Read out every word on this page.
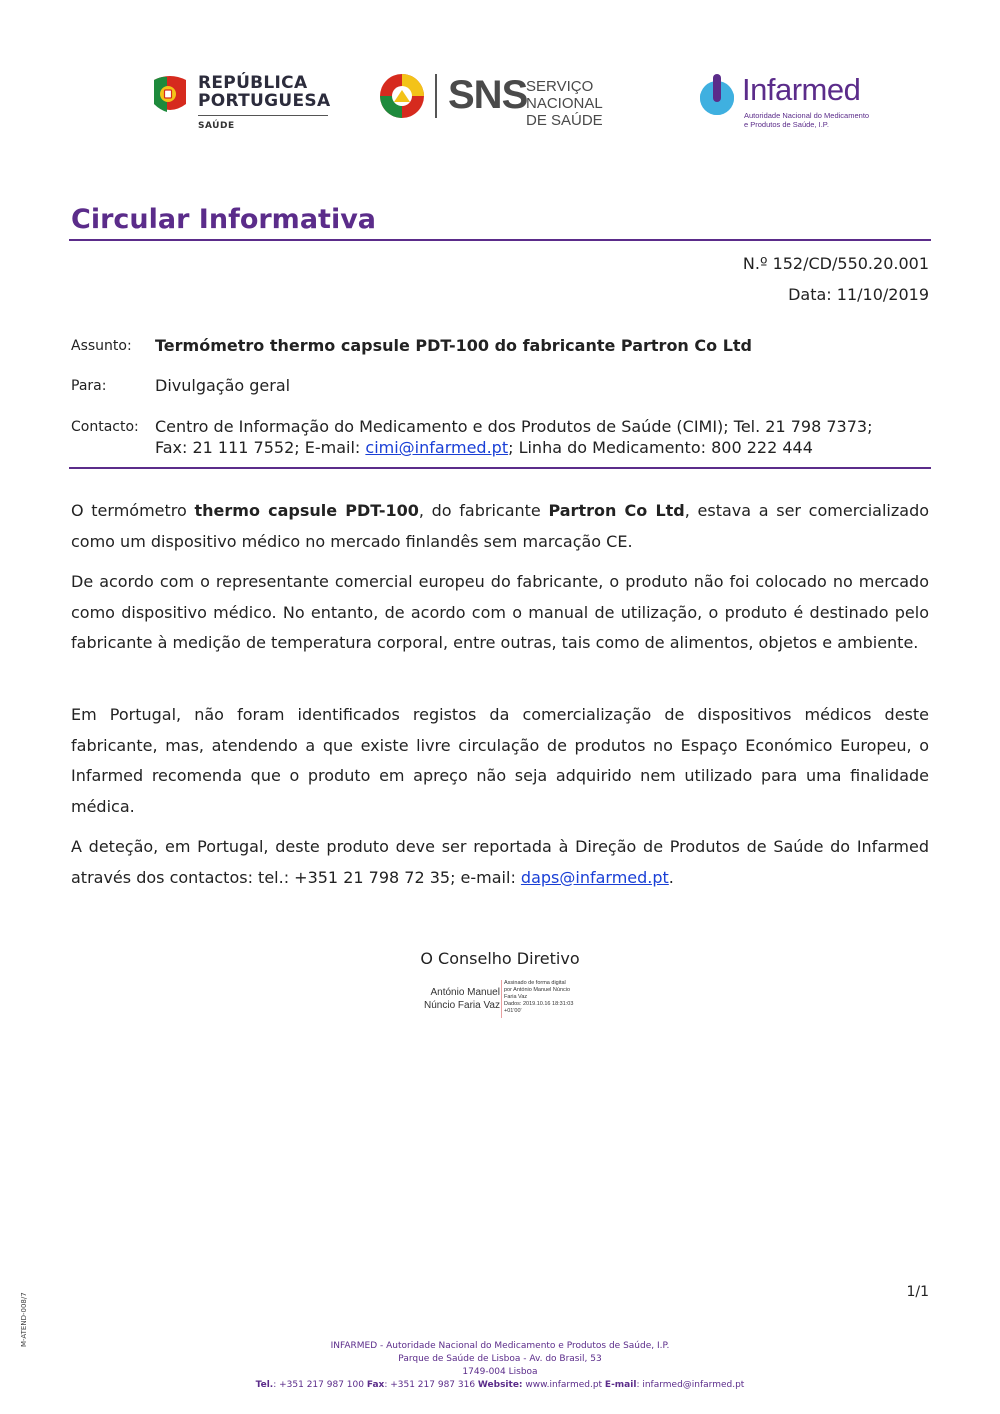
REPÚBLICA
PORTUGUESA
SAÚDE
SNS
SERVIÇO NACIONAL
DE SAÚDE
Infarmed
Autoridade Nacional do Medicamento
e Produtos de Saúde, I.P.
Circular Informativa
N.º 152/CD/550.20.001
Data: 11/10/2019
Assunto: Termómetro thermo capsule PDT-100 do fabricante Partron Co Ltd
Para:	Divulgação geral
Contacto: Centro de Informação do Medicamento e dos Produtos de Saúde (CIMI); Tel. 21 798 7373;
Fax: 21 111 7552; E-mail: cimi@infarmed.pt; Linha do Medicamento: 800 222 444

O termómetro thermo capsule PDT-100, do fabricante Partron Co Ltd, estava a ser comercializado como um dispositivo médico no mercado finlandês sem marcação CE.

De acordo com o representante comercial europeu do fabricante, o produto não foi colocado no mercado como dispositivo médico. No entanto, de acordo com o manual de utilização, o produto é destinado pelo fabricante à medição de temperatura corporal, entre outras, tais como de alimentos, objetos e ambiente.

Em Portugal, não foram identificados registos da comercialização de dispositivos médicos deste fabricante, mas, atendendo a que existe livre circulação de produtos no Espaço Económico Europeu, o Infarmed recomenda que o produto em apreço não seja adquirido nem utilizado para uma finalidade médica.

A deteção, em Portugal, deste produto deve ser reportada à Direção de Produtos de Saúde do Infarmed através dos contactos: tel.: +351 21 798 72 35; e-mail: daps@infarmed.pt.

O Conselho Diretivo
António Manuel
Núncio Faria Vaz
Assinado de forma digital
por António Manuel Núncio
Faria Vaz
Dados: 2019.10.16 18:31:03
+01'00'
1/1
M-ATEND-008/7	INFARMED - Autoridade Nacional do Medicamento e Produtos de Saúde, I.P.
Parque de Saúde de Lisboa - Av. do Brasil, 53
1749-004 Lisboa
Tel.: +351 217 987 100 Fax: +351 217 987 316 Website: www.infarmed.pt E-mail: infarmed@infarmed.pt
